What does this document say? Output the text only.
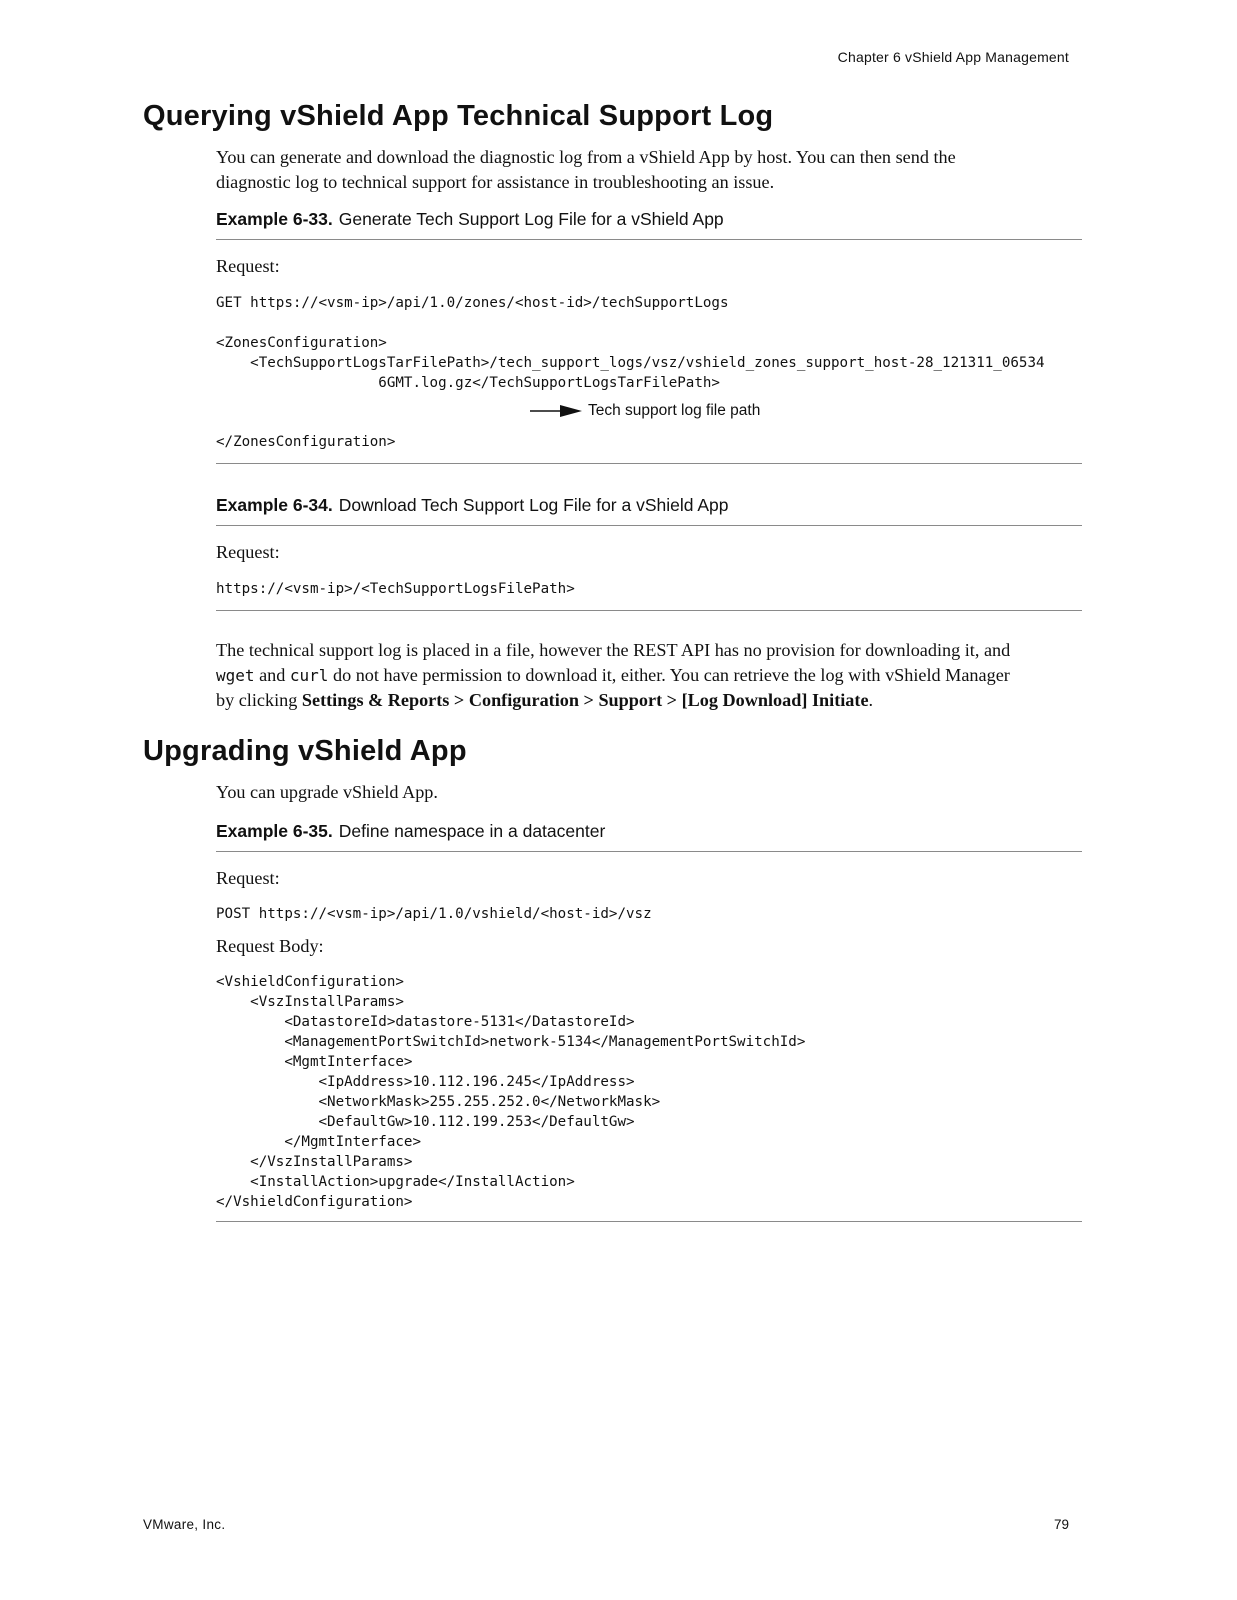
Chapter 6 vShield App Management
Querying vShield App Technical Support Log
You can generate and download the diagnostic log from a vShield App by host. You can then send the
diagnostic log to technical support for assistance in troubleshooting an issue.
Example 6-33. Generate Tech Support Log File for a vShield App
Request:
GET https://<vsm-ip>/api/1.0/zones/<host-id>/techSupportLogs
<ZonesConfiguration>
<TechSupportLogsTarFilePath>/tech_support_logs/vsz/vshield_zones_support_host-28_121311_06534
6GMT.log.gz</TechSupportLogsTarFilePath>
Tech support log file path
</ZonesConfiguration>
Example 6-34. Download Tech Support Log File for a vShield App
Request:
https://<vsm-ip>/<TechSupportLogsFilePath>
The technical support log is placed in a file, however the REST API has no provision for downloading it, and
wget and curl do not have permission to download it, either. You can retrieve the log with vShield Manager
by clicking Settings & Reports > Configuration > Support > [Log Download] Initiate.
Upgrading vShield App
You can upgrade vShield App.
Example 6-35. Define namespace in a datacenter
Request:
POST https://<vsm-ip>/api/1.0/vshield/<host-id>/vsz
Request Body:
<VshieldConfiguration>
<VszInstallParams>
<DatastoreId>datastore-5131</DatastoreId>
<ManagementPortSwitchId>network-5134</ManagementPortSwitchId>
<MgmtInterface>
<IpAddress>10.112.196.245</IpAddress>
<NetworkMask>255.255.252.0</NetworkMask>
<DefaultGw>10.112.199.253</DefaultGw>
</MgmtInterface>
</VszInstallParams>
<InstallAction>upgrade</InstallAction>
</VshieldConfiguration>
VMware, Inc.	79
